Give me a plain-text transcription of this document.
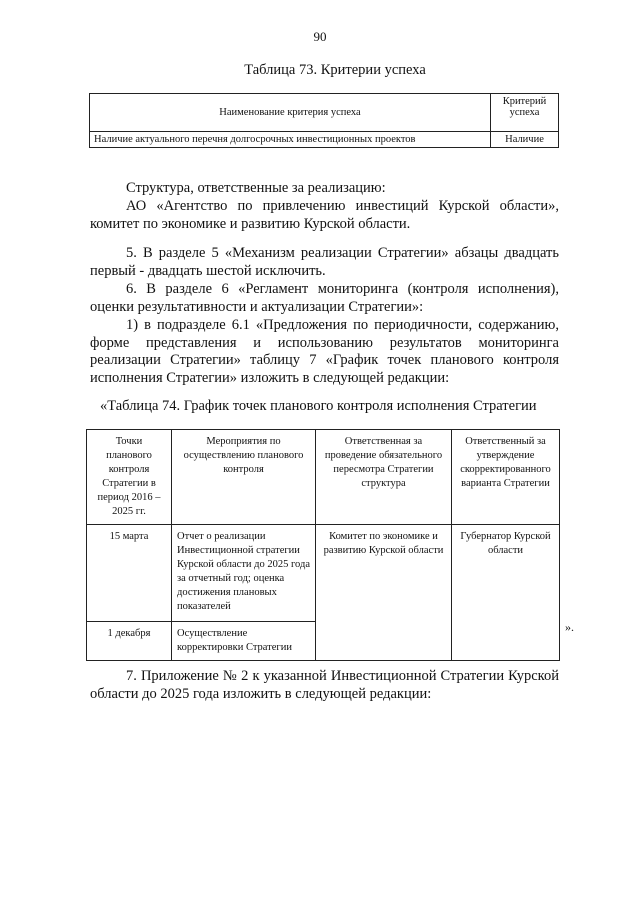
90
Таблица 73. Критерии успеха
Наименование критерия успеха	Критерий успеха
Наличие актуального перечня долгосрочных инвестиционных проектов	Наличие
Структура, ответственные за реализацию:
АО «Агентство по привлечению инвестиций Курской области», комитет по экономике и развитию Курской области.
5. В разделе 5 «Механизм реализации Стратегии» абзацы двадцать первый - двадцать шестой исключить.
6. В разделе 6 «Регламент мониторинга (контроля исполнения), оценки результативности и актуализации Стратегии»:
1) в подразделе 6.1 «Предложения по периодичности, содержанию, форме представления и использованию результатов мониторинга реализации Стратегии» таблицу 7 «График точек планового контроля исполнения Стратегии» изложить в следующей редакции:
«Таблица 74. График точек планового контроля исполнения Стратегии
Точки планового контроля Стратегии в период 2016 – 2025 гг.	Мероприятия по осуществлению планового контроля	Ответственная за проведение обязательного пересмотра Стратегии структура	Ответственный за утверждение скорректированного варианта Стратегии
15 марта	Отчет о реализации Инвестиционной стратегии Курской области до 2025 года за отчетный год; оценка достижения плановых показателей	Комитет по экономике и развитию Курской области	Губернатор Курской области
1 декабря	Осуществление корректировки Стратегии		
».
7. Приложение № 2 к указанной Инвестиционной Стратегии Курской области до 2025 года изложить в следующей редакции:
